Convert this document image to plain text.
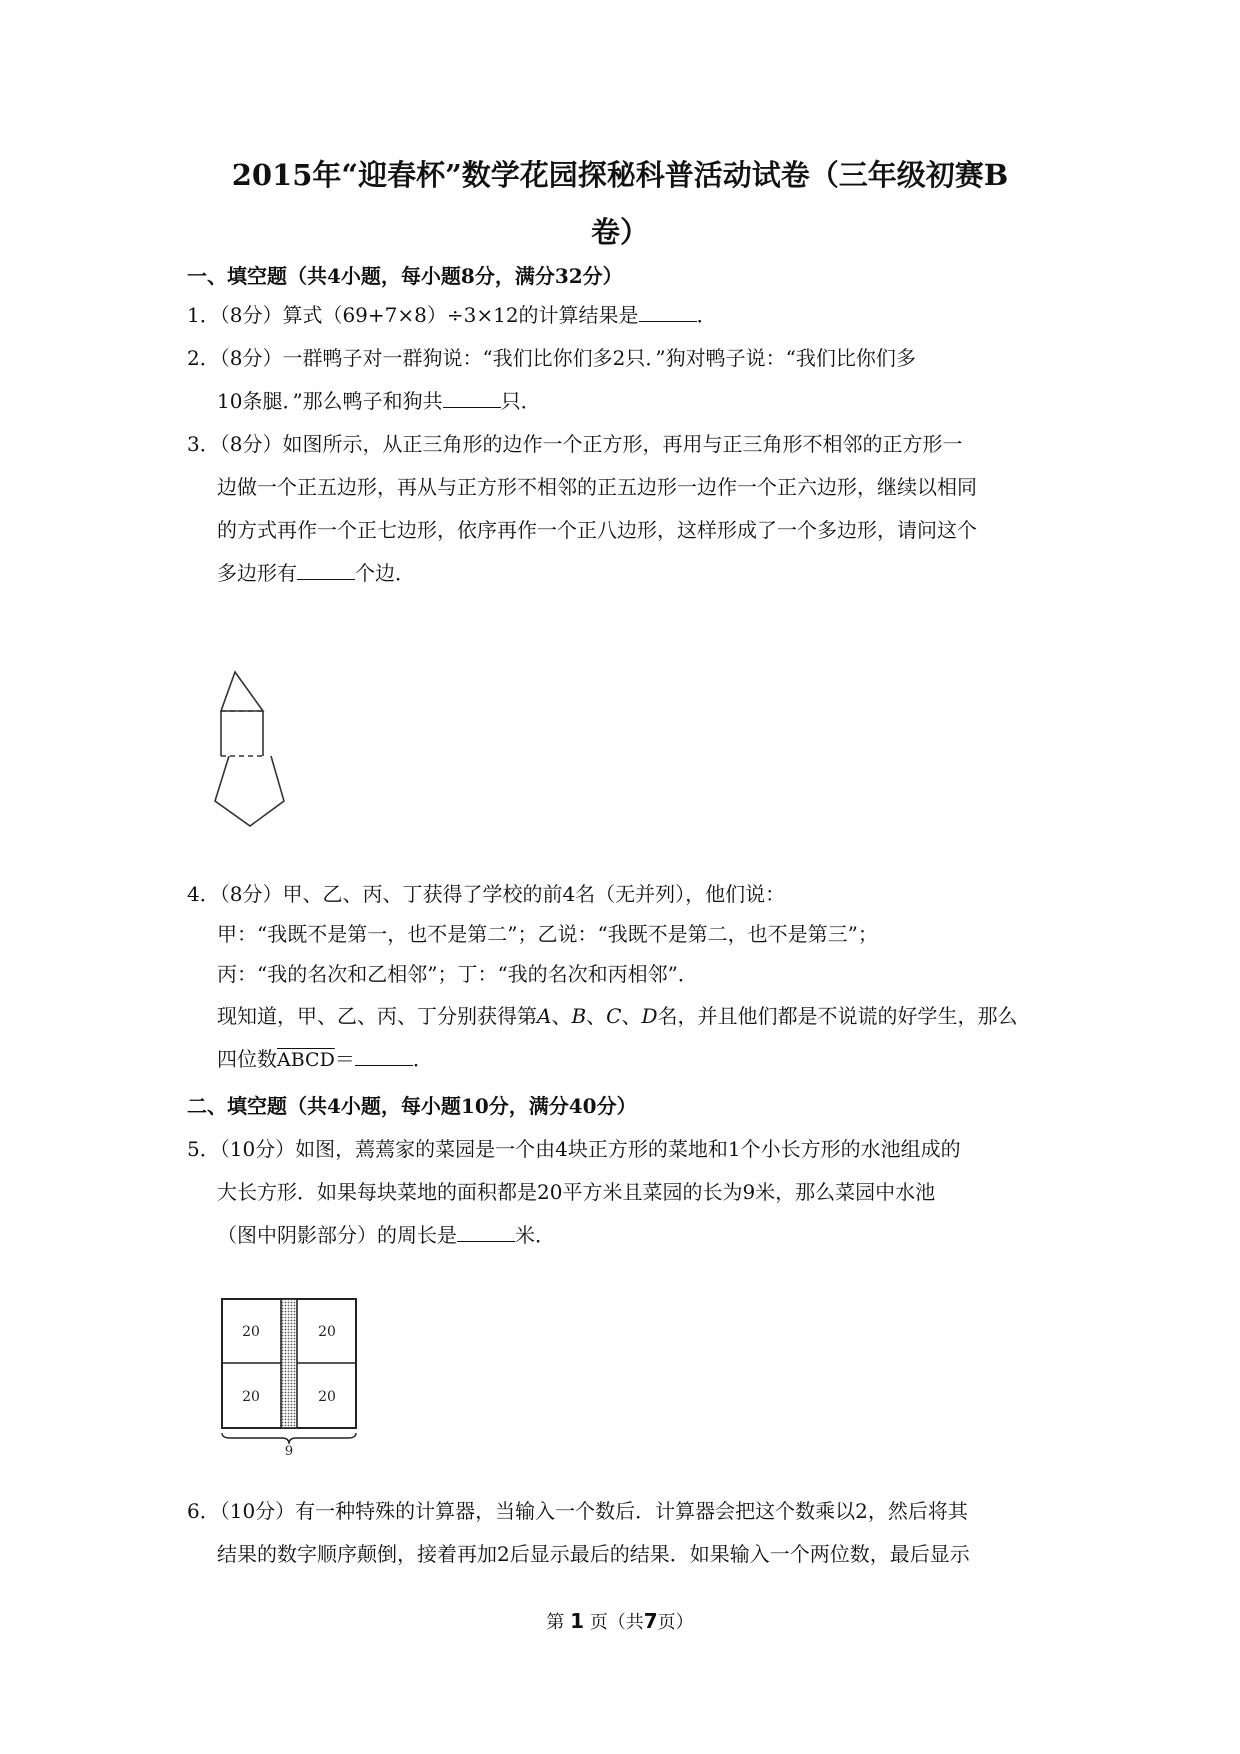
2015年“迎春杯”数学花园探秘科普活动试卷（三年级初赛B
卷）
一、填空题（共4小题，每小题8分，满分32分）
1．（8分）算式（69+7×8）÷3×12的计算结果是	．
2．（8分）一群鸭子对一群狗说：“我们比你们多2只．”狗对鸭子说：“我们比你们多
10条腿．”那么鸭子和狗共	只．
3．（8分）如图所示，从正三角形的边作一个正方形，再用与正三角形不相邻的正方形一
边做一个正五边形，再从与正方形不相邻的正五边形一边作一个正六边形，继续以相同
的方式再作一个正七边形，依序再作一个正八边形，这样形成了一个多边形，请问这个
多边形有	个边．
4．（8分）甲、乙、丙、丁获得了学校的前4名（无并列），他们说：
甲：“我既不是第一，也不是第二”；乙说：“我既不是第二，也不是第三”；
丙：“我的名次和乙相邻”；丁：“我的名次和丙相邻”．
现知道，甲、乙、丙、丁分别获得第A、B、C、D名，并且他们都是不说谎的好学生，那么
四位数ABCD＝	．
二、填空题（共4小题，每小题10分，满分40分）
5．（10分）如图，蔫蔫家的菜园是一个由4块正方形的菜地和1个小长方形的水池组成的
大长方形．如果每块菜地的面积都是20平方米且菜园的长为9米，那么菜园中水池
（图中阴影部分）的周长是	米．
20	20
20	20
9
6．（10分）有一种特殊的计算器，当输入一个数后．计算器会把这个数乘以2，然后将其
结果的数字顺序颠倒，接着再加2后显示最后的结果．如果输入一个两位数，最后显示
第 1 页（共7页）
